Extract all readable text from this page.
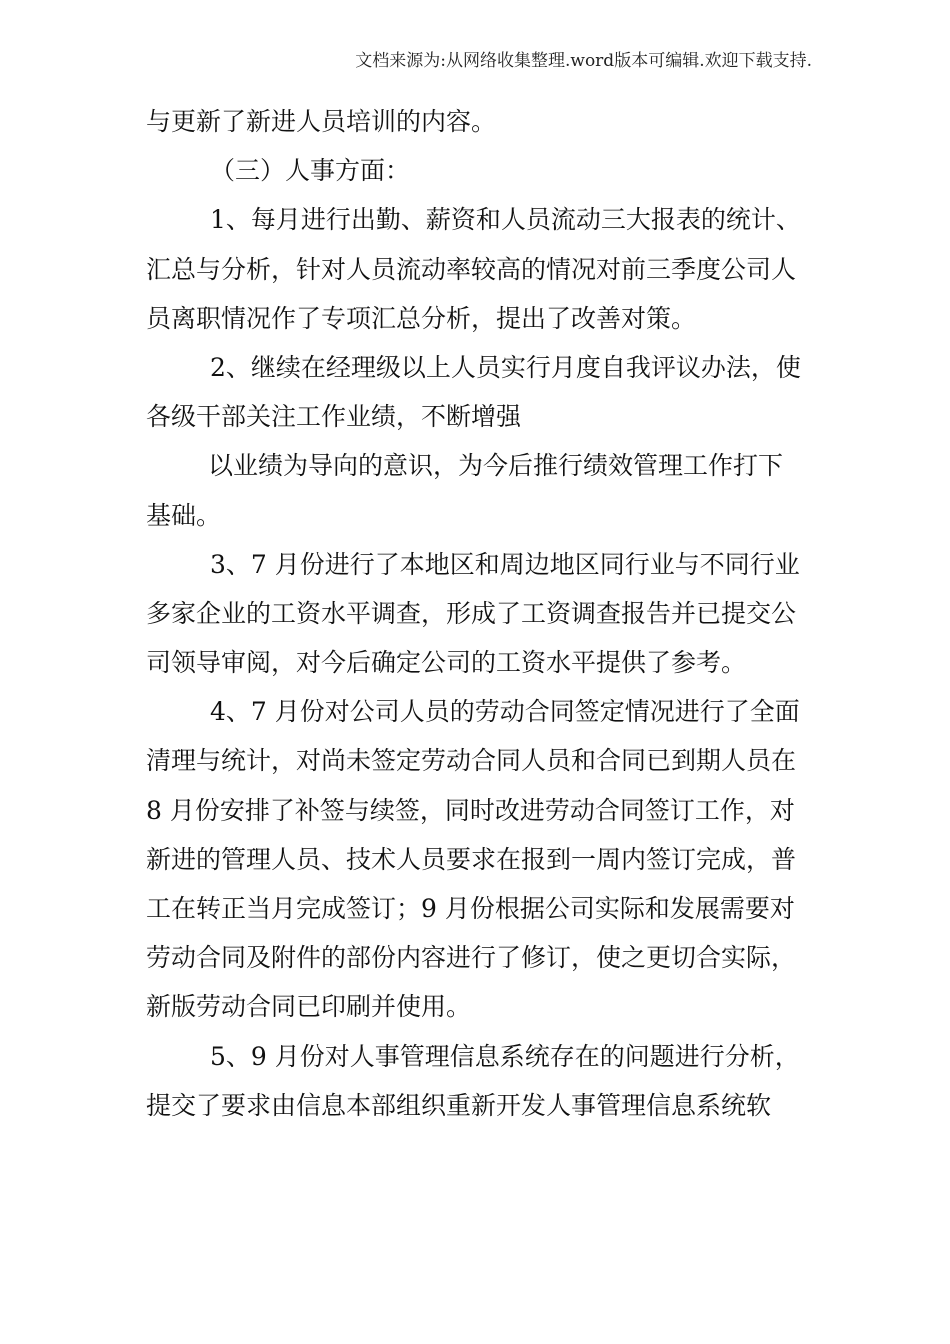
文档来源为:从网络收集整理.word版本可编辑.欢迎下载支持.
与更新了新进人员培训的内容。
（三）人事方面：
1、每月进行出勤、薪资和人员流动三大报表的统计、
汇总与分析，针对人员流动率较高的情况对前三季度公司人
员离职情况作了专项汇总分析，提出了改善对策。
2、继续在经理级以上人员实行月度自我评议办法，使
各级干部关注工作业绩，不断增强
以业绩为导向的意识，为今后推行绩效管理工作打下
基础。
3、7 月份进行了本地区和周边地区同行业与不同行业
多家企业的工资水平调查，形成了工资调查报告并已提交公
司领导审阅，对今后确定公司的工资水平提供了参考。
4、7 月份对公司人员的劳动合同签定情况进行了全面
清理与统计，对尚未签定劳动合同人员和合同已到期人员在
8 月份安排了补签与续签，同时改进劳动合同签订工作，对
新进的管理人员、技术人员要求在报到一周内签订完成，普
工在转正当月完成签订；9 月份根据公司实际和发展需要对
劳动合同及附件的部份内容进行了修订，使之更切合实际，
新版劳动合同已印刷并使用。
5、9 月份对人事管理信息系统存在的问题进行分析，
提交了要求由信息本部组织重新开发人事管理信息系统软
